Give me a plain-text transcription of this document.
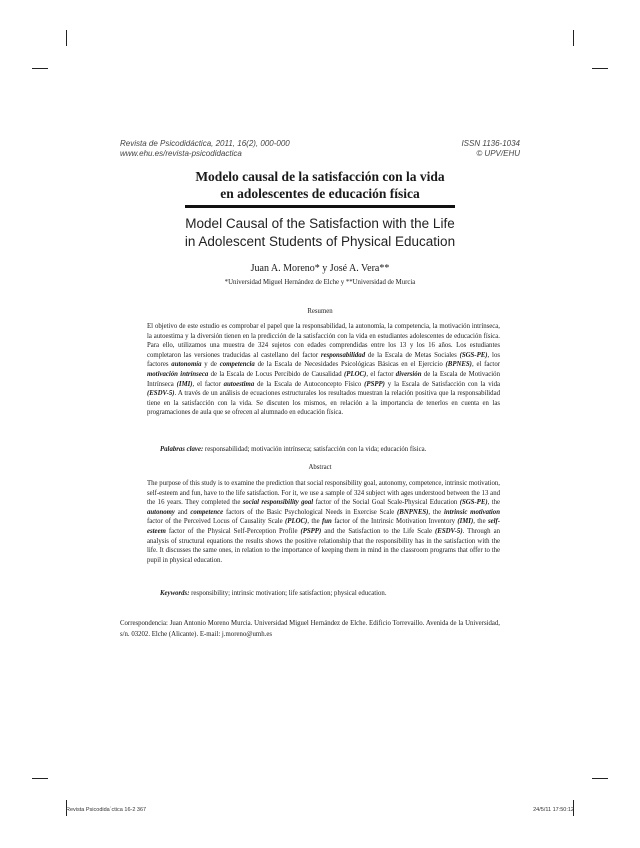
Revista de Psicodidáctica, 2011, 16(2), 000-000
www.ehu.es/revista-psicodidactica
ISSN 1136-1034
© UPV/EHU
Modelo causal de la satisfacción con la vida
en adolescentes de educación física
Model Causal of the Satisfaction with the Life
in Adolescent Students of Physical Education
Juan A. Moreno* y José A. Vera**
*Universidad Miguel Hernández de Elche y **Universidad de Murcia
Resumen
El objetivo de este estudio es comprobar el papel que la responsabilidad, la autonomía, la competencia, la motivación intrínseca, la autoestima y la diversión tienen en la predicción de la satisfacción con la vida en estudiantes adolescentes de educación física. Para ello, utilizamos una muestra de 324 sujetos con edades comprendidas entre los 13 y los 16 años. Los estudiantes completaron las versiones traducidas al castellano del factor responsabilidad de la Escala de Metas Sociales (SGS-PE), los factores autonomía y de competencia de la Escala de Necesidades Psicológicas Básicas en el Ejercicio (BPNES), el factor motivación intrínseca de la Escala de Locus Percibido de Causalidad (PLOC), el factor diversión de la Escala de Motivación Intrínseca (IMI), el factor autoestima de la Escala de Autoconcepto Físico (PSPP) y la Escala de Satisfacción con la vida (ESDV-5). A través de un análisis de ecuaciones estructurales los resultados muestran la relación positiva que la responsabilidad tiene en la satisfacción con la vida. Se discuten los mismos, en relación a la importancia de tenerlos en cuenta en las programaciones de aula que se ofrecen al alumnado en educación física.
Palabras clave: responsabilidad; motivación intrínseca; satisfacción con la vida; educación física.
Abstract
The purpose of this study is to examine the prediction that social responsibility goal, autonomy, competence, intrinsic motivation, self-esteem and fun, have to the life satisfaction. For it, we use a sample of 324 subject with ages understood between the 13 and the 16 years. They completed the social responsibility goal factor of the Social Goal Scale-Physical Education (SGS-PE), the autonomy and competence factors of the Basic Psychological Needs in Exercise Scale (BNPNES), the intrinsic motivation factor of the Perceived Locus of Causality Scale (PLOC), the fun factor of the Intrinsic Motivation Inventory (IMI), the self-esteem factor of the Physical Self-Perception Profile (PSPP) and the Satisfaction to the Life Scale (ESDV-5). Through an analysis of structural equations the results shows the positive relationship that the responsibility has in the satisfaction with the life. It discusses the same ones, in relation to the importance of keeping them in mind in the classroom programs that offer to the pupil in physical education.
Keywords: responsibility; intrinsic motivation; life satisfaction; physical education.
Correspondencia: Juan Antonio Moreno Murcia. Universidad Miguel Hernández de Elche. Edificio Torrevaillo. Avenida de la Universidad, s/n. 03202. Elche (Alicante). E-mail: j.moreno@umh.es
Revista Psicodida´ctica 16-2 367	24/5/11 17:50:12
